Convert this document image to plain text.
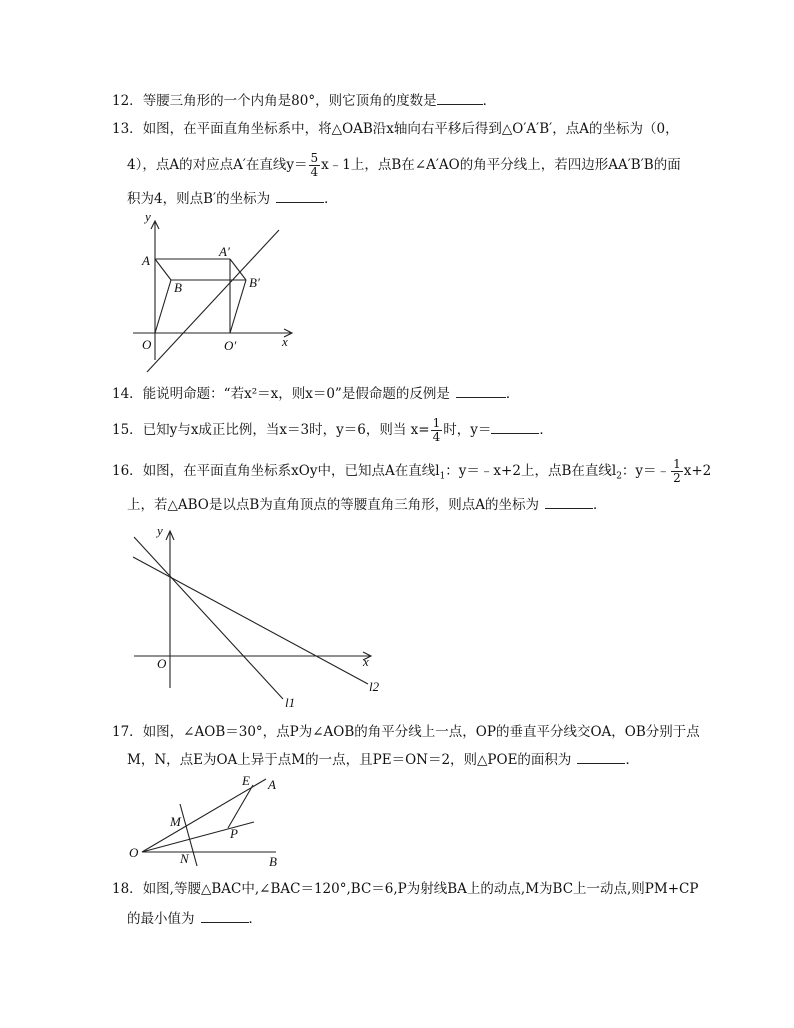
12．等腰三角形的一个内角是80°，则它顶角的度数是	．
13．如图，在平面直角坐标系中，将△OAB沿x轴向右平移后得到△O′A′B′，点A的坐标为（0，
4），点A的对应点A′在直线$y= \frac{5}{4}$ x﹣1上，点B在∠A′AO的角平分线上，若四边形AA′B′B的面
积为4，则点B′的坐标为	．
y
x
A
A′
B	B′
O	O′
14．能说明命题：“若x²＝x，则x＝0”是假命题的反例是	．
15．已知y与x成正比例，当x＝3时，y＝6，则当 $x= \frac{1}{4}$ 时，y＝	．
16．如图，在平面直角坐标系xOy中，已知点A在直线$l_1$：y＝﹣x+2上，点B在直线$l_2$：y＝﹣ $\frac{1}{2} x+2$
上，若△ABO是以点B为直角顶点的等腰直角三角形，则点A的坐标为	．
y
x
O
l1
l2
17．如图，∠AOB＝30°，点P为∠AOB的角平分线上一点，OP的垂直平分线交OA，OB分别于点
M，N，点E为OA上异于点M的一点，且PE＝ON＝2，则△POE的面积为	．
E A
M
P
O	N	B
18．如图,等腰△BAC中,∠BAC＝120°,BC＝6,P为射线BA上的动点,M为BC上一动点,则PM+CP
的最小值为	．
